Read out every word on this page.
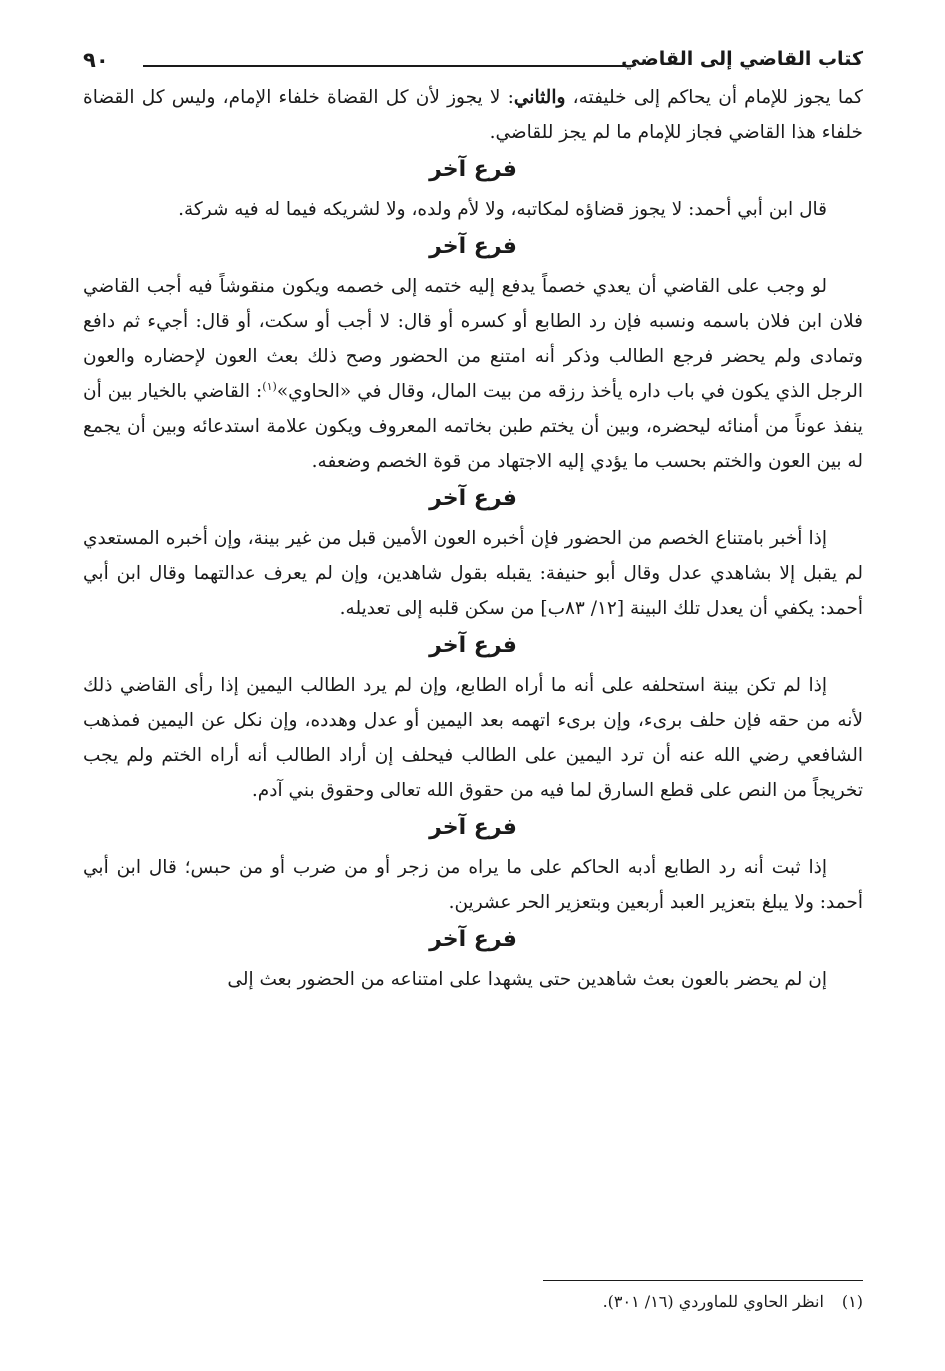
كتاب القاضي إلى القاضي
٩٠

كما يجوز للإمام أن يحاكم إلى خليفته، والثاني: لا يجوز لأن كل القضاة خلفاء الإمام، وليس كل القضاة خلفاء هذا القاضي فجاز للإمام ما لم يجز للقاضي.

فرع آخر

قال ابن أبي أحمد: لا يجوز قضاؤه لمكاتبه، ولا لأم ولده، ولا لشريكه فيما له فيه شركة.

فرع آخر

لو وجب على القاضي أن يعدي خصماً يدفع إليه ختمه إلى خصمه ويكون منقوشاً فيه أجب القاضي فلان ابن فلان باسمه ونسبه فإن رد الطابع أو كسره أو قال: لا أجب أو سكت، أو قال: أجيء ثم دافع وتمادى ولم يحضر فرجع الطالب وذكر أنه امتنع من الحضور وصح ذلك بعث العون لإحضاره والعون الرجل الذي يكون في باب داره يأخذ رزقه من بيت المال، وقال في «الحاوي»$^{(١)}$: القاضي بالخيار بين أن ينفذ عوناً من أمنائه ليحضره، وبين أن يختم طبن بخاتمه المعروف ويكون علامة استدعائه وبين أن يجمع له بين العون والختم بحسب ما يؤدي إليه الاجتهاد من قوة الخصم وضعفه.

فرع آخر

إذا أخبر بامتناع الخصم من الحضور فإن أخبره العون الأمين قبل من غير بينة، وإن أخبره المستعدي لم يقبل إلا بشاهدي عدل وقال أبو حنيفة: يقبله بقول شاهدين، وإن لم يعرف عدالتهما وقال ابن أبي أحمد: يكفي أن يعدل تلك البينة [١٢/ ٨٣ب] من سكن قلبه إلى تعديله.

فرع آخر

إذا لم تكن بينة استحلفه على أنه ما أراه الطابع، وإن لم يرد الطالب اليمين إذا رأى القاضي ذلك لأنه من حقه فإن حلف برىء، وإن برىء اتهمه بعد اليمين أو عدل وهدده، وإن نكل عن اليمين فمذهب الشافعي رضي الله عنه أن ترد اليمين على الطالب فيحلف إن أراد الطالب أنه أراه الختم ولم يجب تخريجاً من النص على قطع السارق لما فيه من حقوق الله تعالى وحقوق بني آدم.

فرع آخر

إذا ثبت أنه رد الطابع أدبه الحاكم على ما يراه من زجر أو من ضرب أو من حبس؛ قال ابن أبي أحمد: ولا يبلغ بتعزير العبد أربعين وبتعزير الحر عشرين.

فرع آخر

إن لم يحضر بالعون بعث شاهدين حتى يشهدا على امتناعه من الحضور بعث إلى

(١)انظر الحاوي للماوردي (١٦/ ٣٠١).
